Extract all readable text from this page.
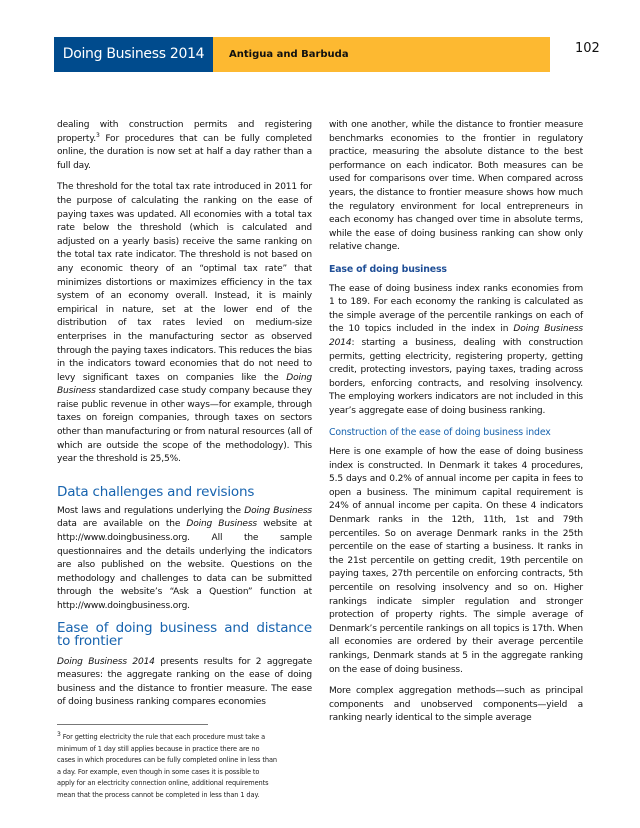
Doing Business 2014	Antigua and Barbuda	102

dealing with construction permits and registering property.$^3$ For procedures that can be fully completed online, the duration is now set at half a day rather than a full day.

The threshold for the total tax rate introduced in 2011 for the purpose of calculating the ranking on the ease of paying taxes was updated. All economies with a total tax rate below the threshold (which is calculated and adjusted on a yearly basis) receive the same ranking on the total tax rate indicator. The threshold is not based on any economic theory of an “optimal tax rate” that minimizes distortions or maximizes efficiency in the tax system of an economy overall. Instead, it is mainly empirical in nature, set at the lower end of the distribution of tax rates levied on medium-size enterprises in the manufacturing sector as observed through the paying taxes indicators. This reduces the bias in the indicators toward economies that do not need to levy significant taxes on companies like the Doing Business standardized case study company because they raise public revenue in other ways—for example, through taxes on foreign companies, through taxes on sectors other than manufacturing or from natural resources (all of which are outside the scope of the methodology). This year the threshold is 25,5%.

Data challenges and revisions

Most laws and regulations underlying the Doing Business data are available on the Doing Business website at http://www.doingbusiness.org. All the sample questionnaires and the details underlying the indicators are also published on the website. Questions on the methodology and challenges to data can be submitted through the website’s “Ask a Question” function at http://www.doingbusiness.org.

Ease of doing business and distance to frontier

Doing Business 2014 presents results for 2 aggregate measures: the aggregate ranking on the ease of doing business and the distance to frontier measure. The ease of doing business ranking compares economies

$^3$ For getting electricity the rule that each procedure must take a
minimum of 1 day still applies because in practice there are no
cases in which procedures can be fully completed online in less than
a day. For example, even though in some cases it is possible to
apply for an electricity connection online, additional requirements
mean that the process cannot be completed in less than 1 day.

with one another, while the distance to frontier measure benchmarks economies to the frontier in regulatory practice, measuring the absolute distance to the best performance on each indicator. Both measures can be used for comparisons over time. When compared across years, the distance to frontier measure shows how much the regulatory environment for local entrepreneurs in each economy has changed over time in absolute terms, while the ease of doing business ranking can show only relative change.

Ease of doing business

The ease of doing business index ranks economies from 1 to 189. For each economy the ranking is calculated as the simple average of the percentile rankings on each of the 10 topics included in the index in Doing Business 2014: starting a business, dealing with construction permits, getting electricity, registering property, getting credit, protecting investors, paying taxes, trading across borders, enforcing contracts, and resolving insolvency. The employing workers indicators are not included in this year’s aggregate ease of doing business ranking.

Construction of the ease of doing business index

Here is one example of how the ease of doing business index is constructed. In Denmark it takes 4 procedures, 5.5 days and 0.2% of annual income per capita in fees to open a business. The minimum capital requirement is 24% of annual income per capita. On these 4 indicators Denmark ranks in the 12th, 11th, 1st and 79th percentiles. So on average Denmark ranks in the 25th percentile on the ease of starting a business. It ranks in the 21st percentile on getting credit, 19th percentile on paying taxes, 27th percentile on enforcing contracts, 5th percentile on resolving insolvency and so on. Higher rankings indicate simpler regulation and stronger protection of property rights. The simple average of Denmark’s percentile rankings on all topics is 17th. When all economies are ordered by their average percentile rankings, Denmark stands at 5 in the aggregate ranking on the ease of doing business.

More complex aggregation methods—such as principal components and unobserved components—yield a ranking nearly identical to the simple average
